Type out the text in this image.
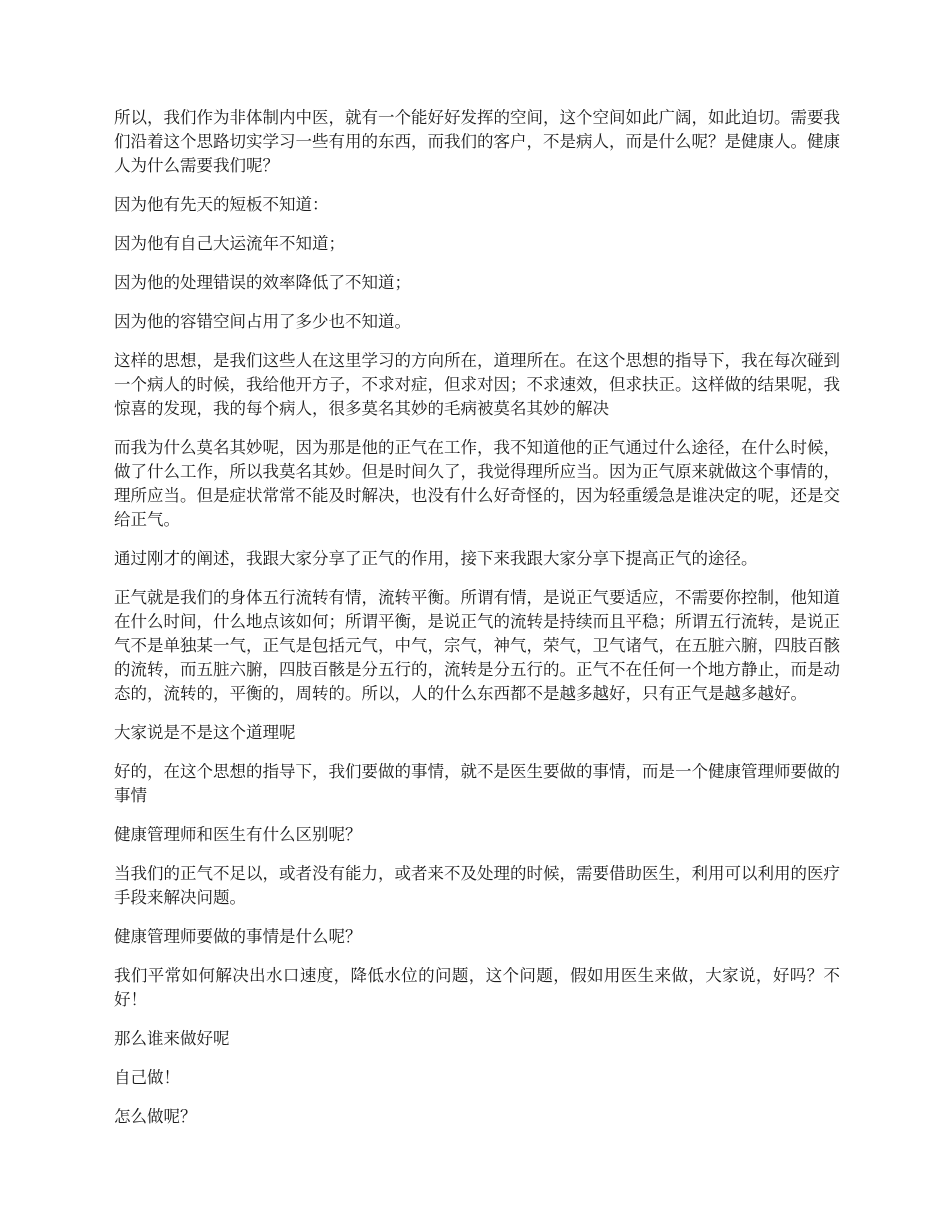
所以，我们作为非体制内中医，就有一个能好好发挥的空间，这个空间如此广阔，如此迫切。需要我们沿着这个思路切实学习一些有用的东西，而我们的客户，不是病人，而是什么呢？是健康人。健康人为什么需要我们呢？

因为他有先天的短板不知道：

因为他有自己大运流年不知道；

因为他的处理错误的效率降低了不知道；

因为他的容错空间占用了多少也不知道。

这样的思想，是我们这些人在这里学习的方向所在，道理所在。在这个思想的指导下，我在每次碰到一个病人的时候，我给他开方子，不求对症，但求对因；不求速效，但求扶正。这样做的结果呢，我惊喜的发现，我的每个病人，很多莫名其妙的毛病被莫名其妙的解决

而我为什么莫名其妙呢，因为那是他的正气在工作，我不知道他的正气通过什么途径，在什么时候，做了什么工作，所以我莫名其妙。但是时间久了，我觉得理所应当。因为正气原来就做这个事情的，理所应当。但是症状常常不能及时解决，也没有什么好奇怪的，因为轻重缓急是谁决定的呢，还是交给正气。

通过刚才的阐述，我跟大家分享了正气的作用，接下来我跟大家分享下提高正气的途径。

正气就是我们的身体五行流转有情，流转平衡。所谓有情，是说正气要适应，不需要你控制，他知道在什么时间，什么地点该如何；所谓平衡，是说正气的流转是持续而且平稳；所谓五行流转，是说正气不是单独某一气，正气是包括元气，中气，宗气，神气，荣气，卫气诸气，在五脏六腑，四肢百骸的流转，而五脏六腑，四肢百骸是分五行的，流转是分五行的。正气不在任何一个地方静止，而是动态的，流转的，平衡的，周转的。所以，人的什么东西都不是越多越好，只有正气是越多越好。

大家说是不是这个道理呢

好的，在这个思想的指导下，我们要做的事情，就不是医生要做的事情，而是一个健康管理师要做的事情

健康管理师和医生有什么区别呢？

当我们的正气不足以，或者没有能力，或者来不及处理的时候，需要借助医生，利用可以利用的医疗手段来解决问题。

健康管理师要做的事情是什么呢？

我们平常如何解决出水口速度，降低水位的问题，这个问题，假如用医生来做，大家说，好吗？不好！

那么谁来做好呢

自己做！

怎么做呢？
